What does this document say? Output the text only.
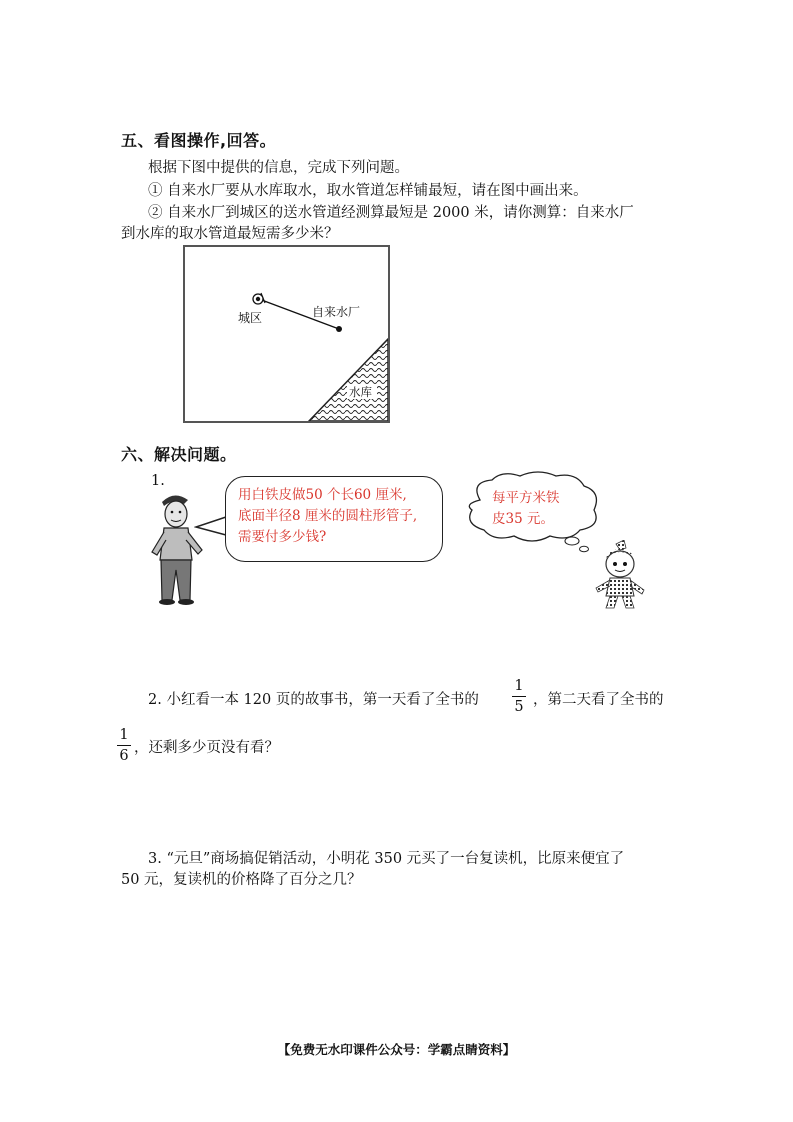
五、看图操作,回答。
根据下图中提供的信息，完成下列问题。
① 自来水厂要从水库取水，取水管道怎样铺最短，请在图中画出来。
② 自来水厂到城区的送水管道经测算最短是 2000 米，请你测算：自来水厂
到水库的取水管道最短需多少米？
城区	自来水厂
水库
六、解决问题。
1.
用白铁皮做50 个长60 厘米,
底面半径8 厘米的圆柱形管子,
需要付多少钱?
每平方米铁
皮35 元。
2. 小红看一本 120 页的故事书，第一天看了全书的
1
5 ，第二天看了全书的
1
6 ，还剩多少页没有看？
3. “元旦”商场搞促销活动，小明花 350 元买了一台复读机，比原来便宜了
50 元，复读机的价格降了百分之几？
【免费无水印课件公众号：学霸点睛资料】
